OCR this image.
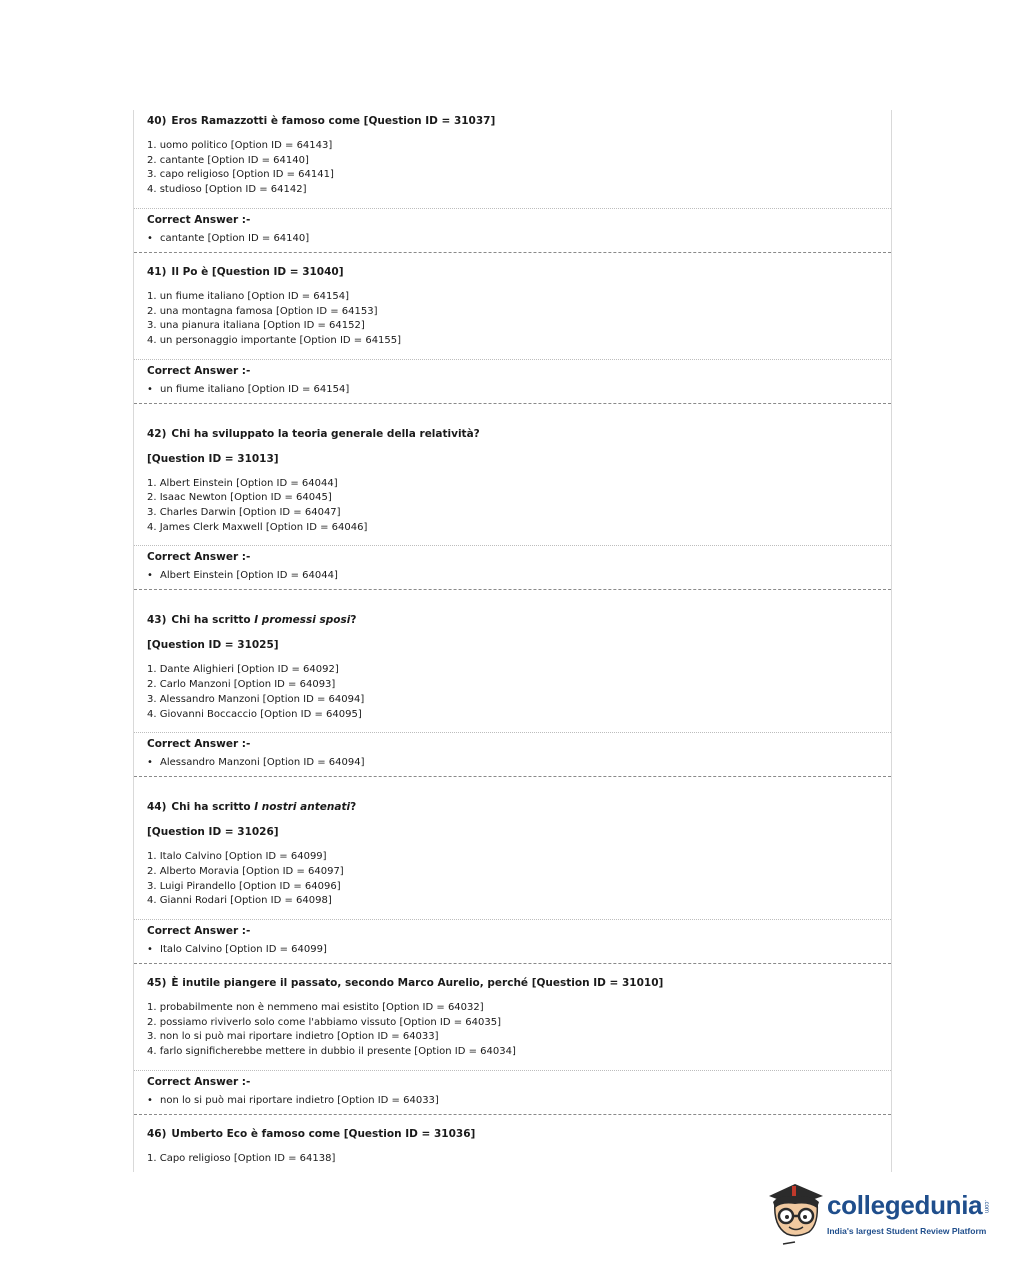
40) Eros Ramazzotti è famoso come [Question ID = 31037]
1. uomo politico [Option ID = 64143]
2. cantante [Option ID = 64140]
3. capo religioso [Option ID = 64141]
4. studioso [Option ID = 64142]
Correct Answer :-
• cantante [Option ID = 64140]
41) Il Po è [Question ID = 31040]
1. un fiume italiano [Option ID = 64154]
2. una montagna famosa [Option ID = 64153]
3. una pianura italiana [Option ID = 64152]
4. un personaggio importante [Option ID = 64155]
Correct Answer :-
• un fiume italiano [Option ID = 64154]
42) Chi ha sviluppato la teoria generale della relatività?
[Question ID = 31013]
1. Albert Einstein [Option ID = 64044]
2. Isaac Newton [Option ID = 64045]
3. Charles Darwin [Option ID = 64047]
4. James Clerk Maxwell [Option ID = 64046]
Correct Answer :-
• Albert Einstein [Option ID = 64044]
43) Chi ha scritto I promessi sposi?
[Question ID = 31025]
1. Dante Alighieri [Option ID = 64092]
2. Carlo Manzoni [Option ID = 64093]
3. Alessandro Manzoni [Option ID = 64094]
4. Giovanni Boccaccio [Option ID = 64095]
Correct Answer :-
• Alessandro Manzoni [Option ID = 64094]
44) Chi ha scritto I nostri antenati?
[Question ID = 31026]
1. Italo Calvino [Option ID = 64099]
2. Alberto Moravia [Option ID = 64097]
3. Luigi Pirandello [Option ID = 64096]
4. Gianni Rodari [Option ID = 64098]
Correct Answer :-
• Italo Calvino [Option ID = 64099]
45) È inutile piangere il passato, secondo Marco Aurelio, perché [Question ID = 31010]
1. probabilmente non è nemmeno mai esistito [Option ID = 64032]
2. possiamo riviverlo solo come l'abbiamo vissuto [Option ID = 64035]
3. non lo si può mai riportare indietro [Option ID = 64033]
4. farlo significherebbe mettere in dubbio il presente [Option ID = 64034]
Correct Answer :-
• non lo si può mai riportare indietro [Option ID = 64033]
46) Umberto Eco è famoso come [Question ID = 31036]
1. Capo religioso [Option ID = 64138]
collegedunia .com
India's largest Student Review Platform
